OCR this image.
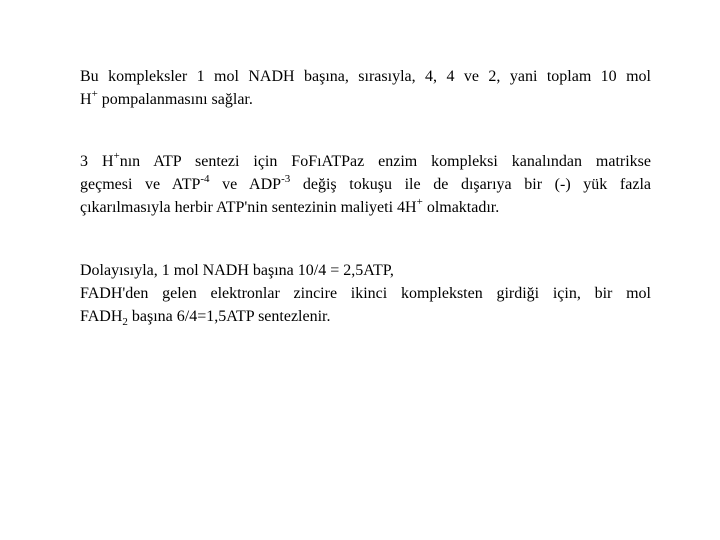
Bu kompleksler 1 mol NADH başına, sırasıyla, 4, 4 ve 2, yani toplam 10 mol
H+ pompalanmasını sağlar.
3 H+nın ATP sentezi için FoFıATPaz enzim kompleksi kanalından matrikse
geçmesi ve $ATP^{-4}$ ve $ADP^{-3}$ değiş tokuşu ile de dışarıya bir (-) yük fazla
çıkarılmasıyla herbir ATP'nin sentezinin maliyeti 4H+ olmaktadır.
Dolayısıyla, 1 mol NADH başına 10/4 = 2,5ATP,
FADH'den gelen elektronlar zincire ikinci kompleksten girdiği için, bir mol
$FADH_2$ başına 6/4=1,5ATP sentezlenir.
